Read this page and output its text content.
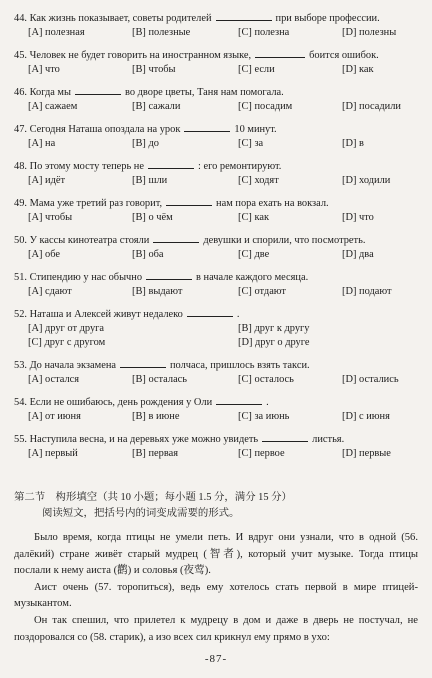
44. Как жизнь показывает, советы родителей	при выборе профессии.
[A] полезная	[B] полезные	[C] полезна	[D] полезны
45. Человек не будет говорить на иностранном языке,	боится ошибок.
[A] что	[B] чтобы	[C] если	[D] как
46. Когда мы	во дворе цветы, Таня нам помогала.
[A] сажаем	[B] сажали	[C] посадим	[D] посадили
47. Сегодня Наташа опоздала на урок	10 минут.
[A] на	[B] до	[C] за	[D] в
48. По этому мосту теперь не	: его ремонтируют.
[A] идёт	[B] шли	[C] ходят	[D] ходили
49. Мама уже третий раз говорит,	нам пора ехать на вокзал.
[A] чтобы	[B] о чём	[C] как	[D] что
50. У кассы кинотеатра стояли	девушки и спорили, что посмотреть.
[A] обе	[B] оба	[C] две	[D] два
51. Стипендию у нас обычно	в начале каждого месяца.
[A] сдают	[B] выдают	[C] отдают	[D] подают
52. Наташа и Алексей живут недалеко	.
[A] друг от друга	[B] друг к другу
[C] друг с другом	[D] друг о друге
53. До начала экзамена	полчаса, пришлось взять такси.
[A] остался	[B] осталась	[C] осталось	[D] остались
54. Если не ошибаюсь, день рождения у Оли	.
[A] от июня	[B] в июне	[C] за июнь	[D] с июня
55. Наступила весна, и на деревьях уже можно увидеть	листья.
[A] первый	[B] первая	[C] первое	[D] первые
第二节　构形填空（共 10 小题；每小题 1.5 分，满分 15 分）
阅读短文，把括号内的词变成需要的形式。

Было время, когда птицы не умели петь. И вдруг они узнали, что в одной (56. далёкий) стране живёт старый мудрец (智者), который учит музыке. Тогда птицы послали к нему аиста (鹳) и соловья (夜莺).

Аист очень (57. торопиться), ведь ему хотелось стать первой в мире птицей-музыкантом.

Он так спешил, что прилетел к мудрецу в дом и даже в дверь не постучал, не поздоровался со (58. старик), а изо всех сил крикнул ему прямо в ухо:

-87-
